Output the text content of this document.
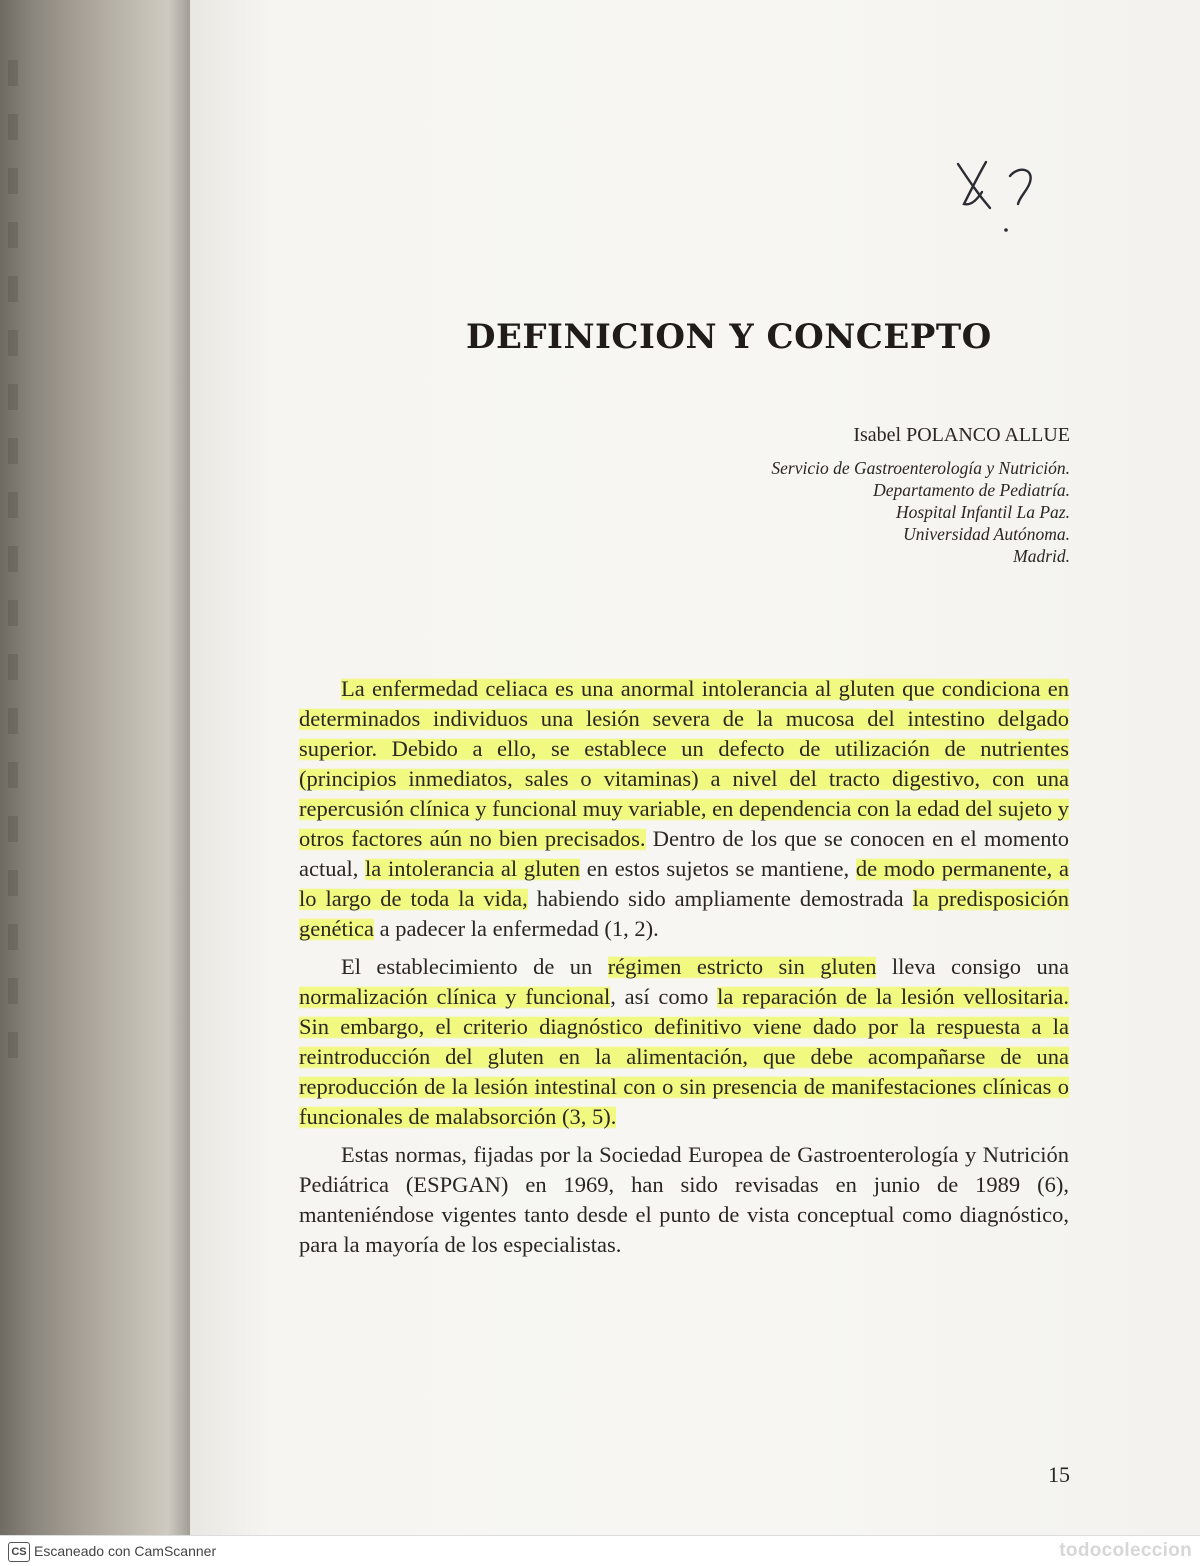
DEFINICION Y CONCEPTO
Isabel POLANCO ALLUE
Servicio de Gastroenterología y Nutrición.
Departamento de Pediatría.
Hospital Infantil La Paz.
Universidad Autónoma.
Madrid.

La enfermedad celiaca es una anormal intolerancia al gluten que condiciona en determinados individuos una lesión severa de la mucosa del intestino delgado superior. Debido a ello, se establece un defecto de utilización de nutrientes (principios inmediatos, sales o vitaminas) a nivel del tracto digestivo, con una repercusión clínica y funcional muy variable, en dependencia con la edad del sujeto y otros factores aún no bien precisados. Dentro de los que se conocen en el momento actual, la intolerancia al gluten en estos sujetos se mantiene, de modo permanente, a lo largo de toda la vida, habiendo sido ampliamente demostrada la predisposición genética a padecer la enfermedad (1, 2).

El establecimiento de un régimen estricto sin gluten lleva consigo una normalización clínica y funcional, así como la reparación de la lesión vellositaria. Sin embargo, el criterio diagnóstico definitivo viene dado por la respuesta a la reintroducción del gluten en la alimentación, que debe acompañarse de una reproducción de la lesión intestinal con o sin presencia de manifestaciones clínicas o funcionales de malabsorción (3, 5).

Estas normas, fijadas por la Sociedad Europea de Gastroenterología y Nutrición Pediátrica (ESPGAN) en 1969, han sido revisadas en junio de 1989 (6), manteniéndose vigentes tanto desde el punto de vista conceptual como diagnóstico, para la mayoría de los especialistas.

15
CS Escaneado con CamScanner	todocoleccion
